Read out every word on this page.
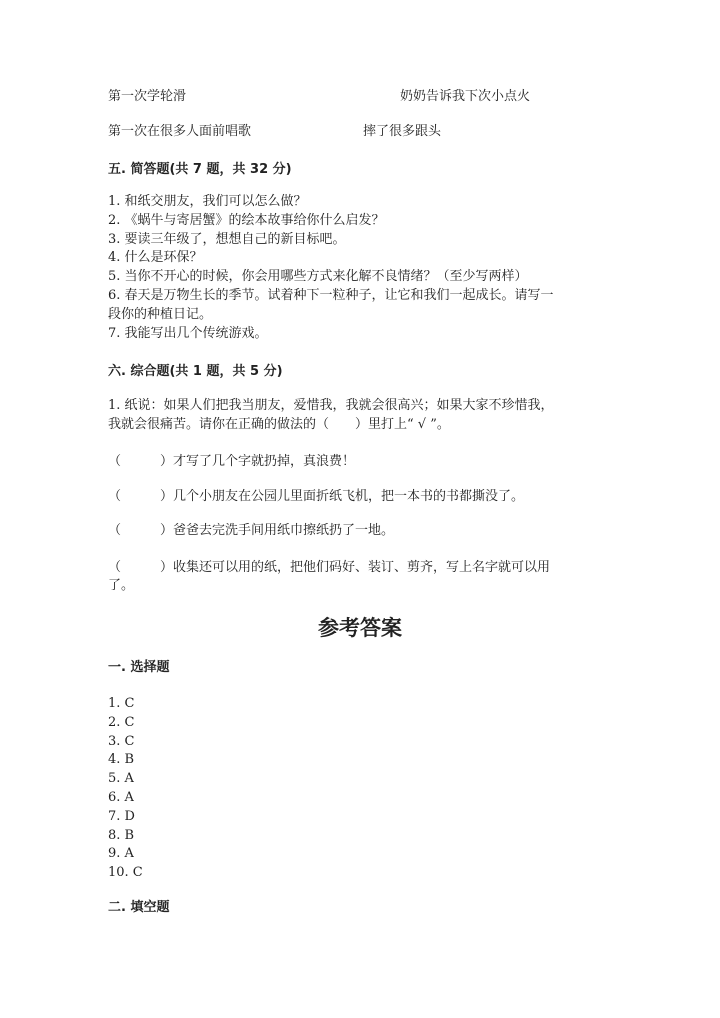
第一次学轮滑	奶奶告诉我下次小点火
第一次在很多人面前唱歌	摔了很多跟头
五. 简答题(共 7 题，共 32 分)
1. 和纸交朋友，我们可以怎么做？
2. 《蜗牛与寄居蟹》的绘本故事给你什么启发？
3. 要读三年级了，想想自己的新目标吧。
4. 什么是环保？
5. 当你不开心的时候，你会用哪些方式来化解不良情绪？（至少写两样）
6. 春天是万物生长的季节。试着种下一粒种子，让它和我们一起成长。请写一
段你的种植日记。
7. 我能写出几个传统游戏。
六. 综合题(共 1 题，共 5 分)
1. 纸说：如果人们把我当朋友，爱惜我，我就会很高兴；如果大家不珍惜我，
我就会很痛苦。请你在正确的做法的（　　）里打上“ √ ”。
（　　　）才写了几个字就扔掉，真浪费！
（　　　）几个小朋友在公园儿里面折纸飞机，把一本书的书都撕没了。
（　　　）爸爸去完洗手间用纸巾擦纸扔了一地。
（　　　）收集还可以用的纸，把他们码好、装订、剪齐，写上名字就可以用
了。
参考答案
一. 选择题
1. C
2. C
3. C
4. B
5. A
6. A
7. D
8. B
9. A
10. C
二. 填空题
